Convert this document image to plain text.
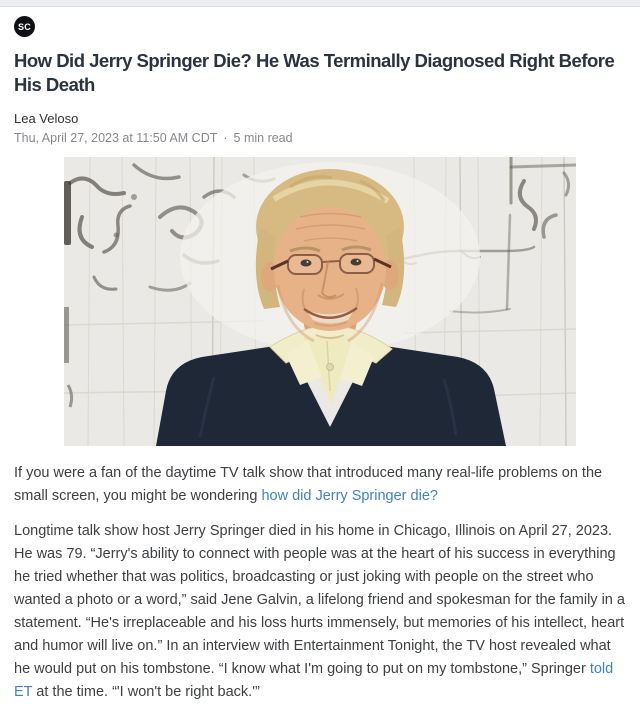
SC
How Did Jerry Springer Die? He Was Terminally Diagnosed Right Before His Death
Lea Veloso
Thu, April 27, 2023 at 11:50 AM CDT · 5 min read

If you were a fan of the daytime TV talk show that introduced many real-life problems on the small screen, you might be wondering how did Jerry Springer die?

Longtime talk show host Jerry Springer died in his home in Chicago, Illinois on April 27, 2023. He was 79. “Jerry's ability to connect with people was at the heart of his success in everything he tried whether that was politics, broadcasting or just joking with people on the street who wanted a photo or a word,” said Jene Galvin, a lifelong friend and spokesman for the family in a statement. “He's irreplaceable and his loss hurts immensely, but memories of his intellect, heart and humor will live on.” In an interview with Entertainment Tonight, the TV host revealed what he would put on his tombstone. “I know what I'm going to put on my tombstone,” Springer told ET at the time. “'I won't be right back.'”
